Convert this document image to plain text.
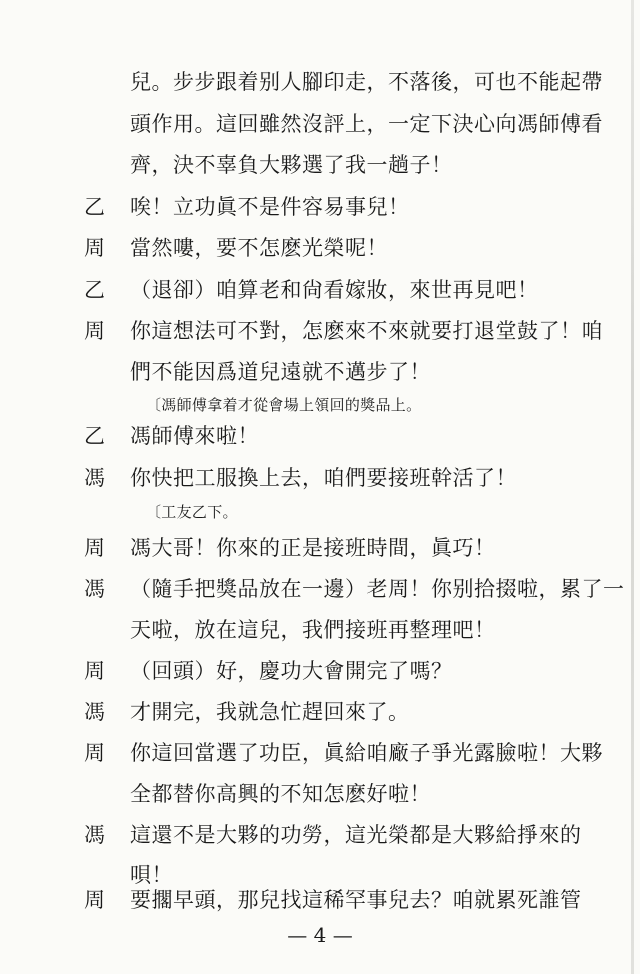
兒。步步跟着别人腳印走，不落後，可也不能起帶
頭作用。這回雖然沒評上，一定下決心向馮師傅看
齊，決不辜負大夥選了我一趟子！
乙	唉！立功眞不是件容易事兒！
周	當然嘍，要不怎麽光榮呢！
乙	（退卻）咱算老和尙看嫁妝，來世再見吧！
周	你這想法可不對，怎麽來不來就要打退堂鼓了！咱
們不能因爲道兒遠就不邁步了！
〔馮師傅拿着才從會場上領回的獎品上。
乙	馮師傅來啦！
馮	你快把工服換上去，咱們要接班幹活了！
〔工友乙下。
周	馮大哥！你來的正是接班時間，眞巧！
馮	（隨手把獎品放在一邊）老周！你别拾掇啦，累了一
天啦，放在這兒，我們接班再整理吧！
周	（回頭）好，慶功大會開完了嗎？
馮	才開完，我就急忙趕回來了。
周	你這回當選了功臣，眞給咱廠子爭光露臉啦！大夥
全都替你高興的不知怎麽好啦！
馮	這還不是大夥的功勞，這光榮都是大夥給掙來的
唄！
周	要擱早頭，那兒找這稀罕事兒去？咱就累死誰管
— 4 —
